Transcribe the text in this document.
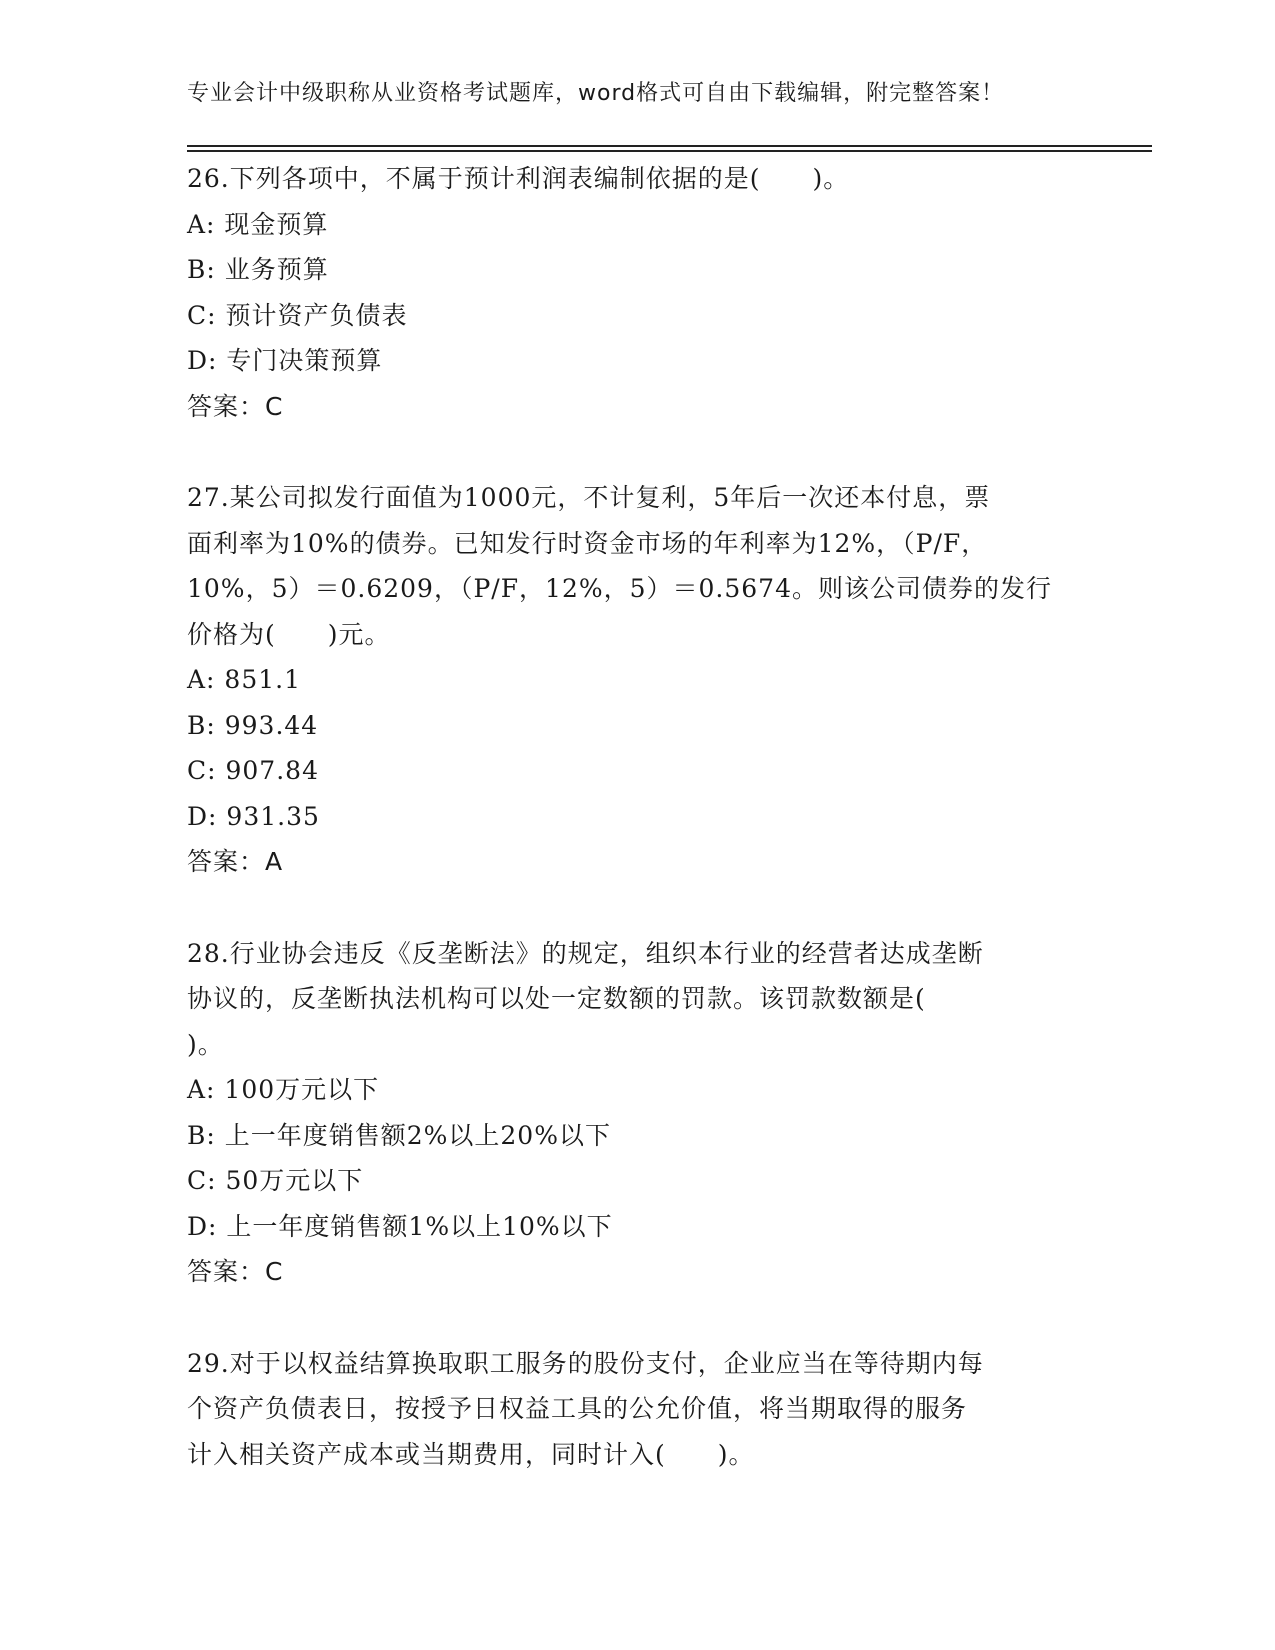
专业会计中级职称从业资格考试题库，word格式可自由下载编辑，附完整答案！

26.下列各项中，不属于预计利润表编制依据的是(　　)。

A: 现金预算

B: 业务预算

C: 预计资产负债表

D: 专门决策预算

答案：C

27.某公司拟发行面值为1000元，不计复利，5年后一次还本付息，票
面利率为10%的债券。已知发行时资金市场的年利率为12%，（P/F，
10%，5）＝0.6209，（P/F，12%，5）＝0.5674。则该公司债券的发行
价格为(　　)元。

A: 851.1

B: 993.44

C: 907.84

D: 931.35

答案：A

28.行业协会违反《反垄断法》的规定，组织本行业的经营者达成垄断
协议的，反垄断执法机构可以处一定数额的罚款。该罚款数额是(
)。

A: 100万元以下

B: 上一年度销售额2%以上20%以下

C: 50万元以下

D: 上一年度销售额1%以上10%以下

答案：C

29.对于以权益结算换取职工服务的股份支付，企业应当在等待期内每
个资产负债表日，按授予日权益工具的公允价值，将当期取得的服务
计入相关资产成本或当期费用，同时计入(　　)。
